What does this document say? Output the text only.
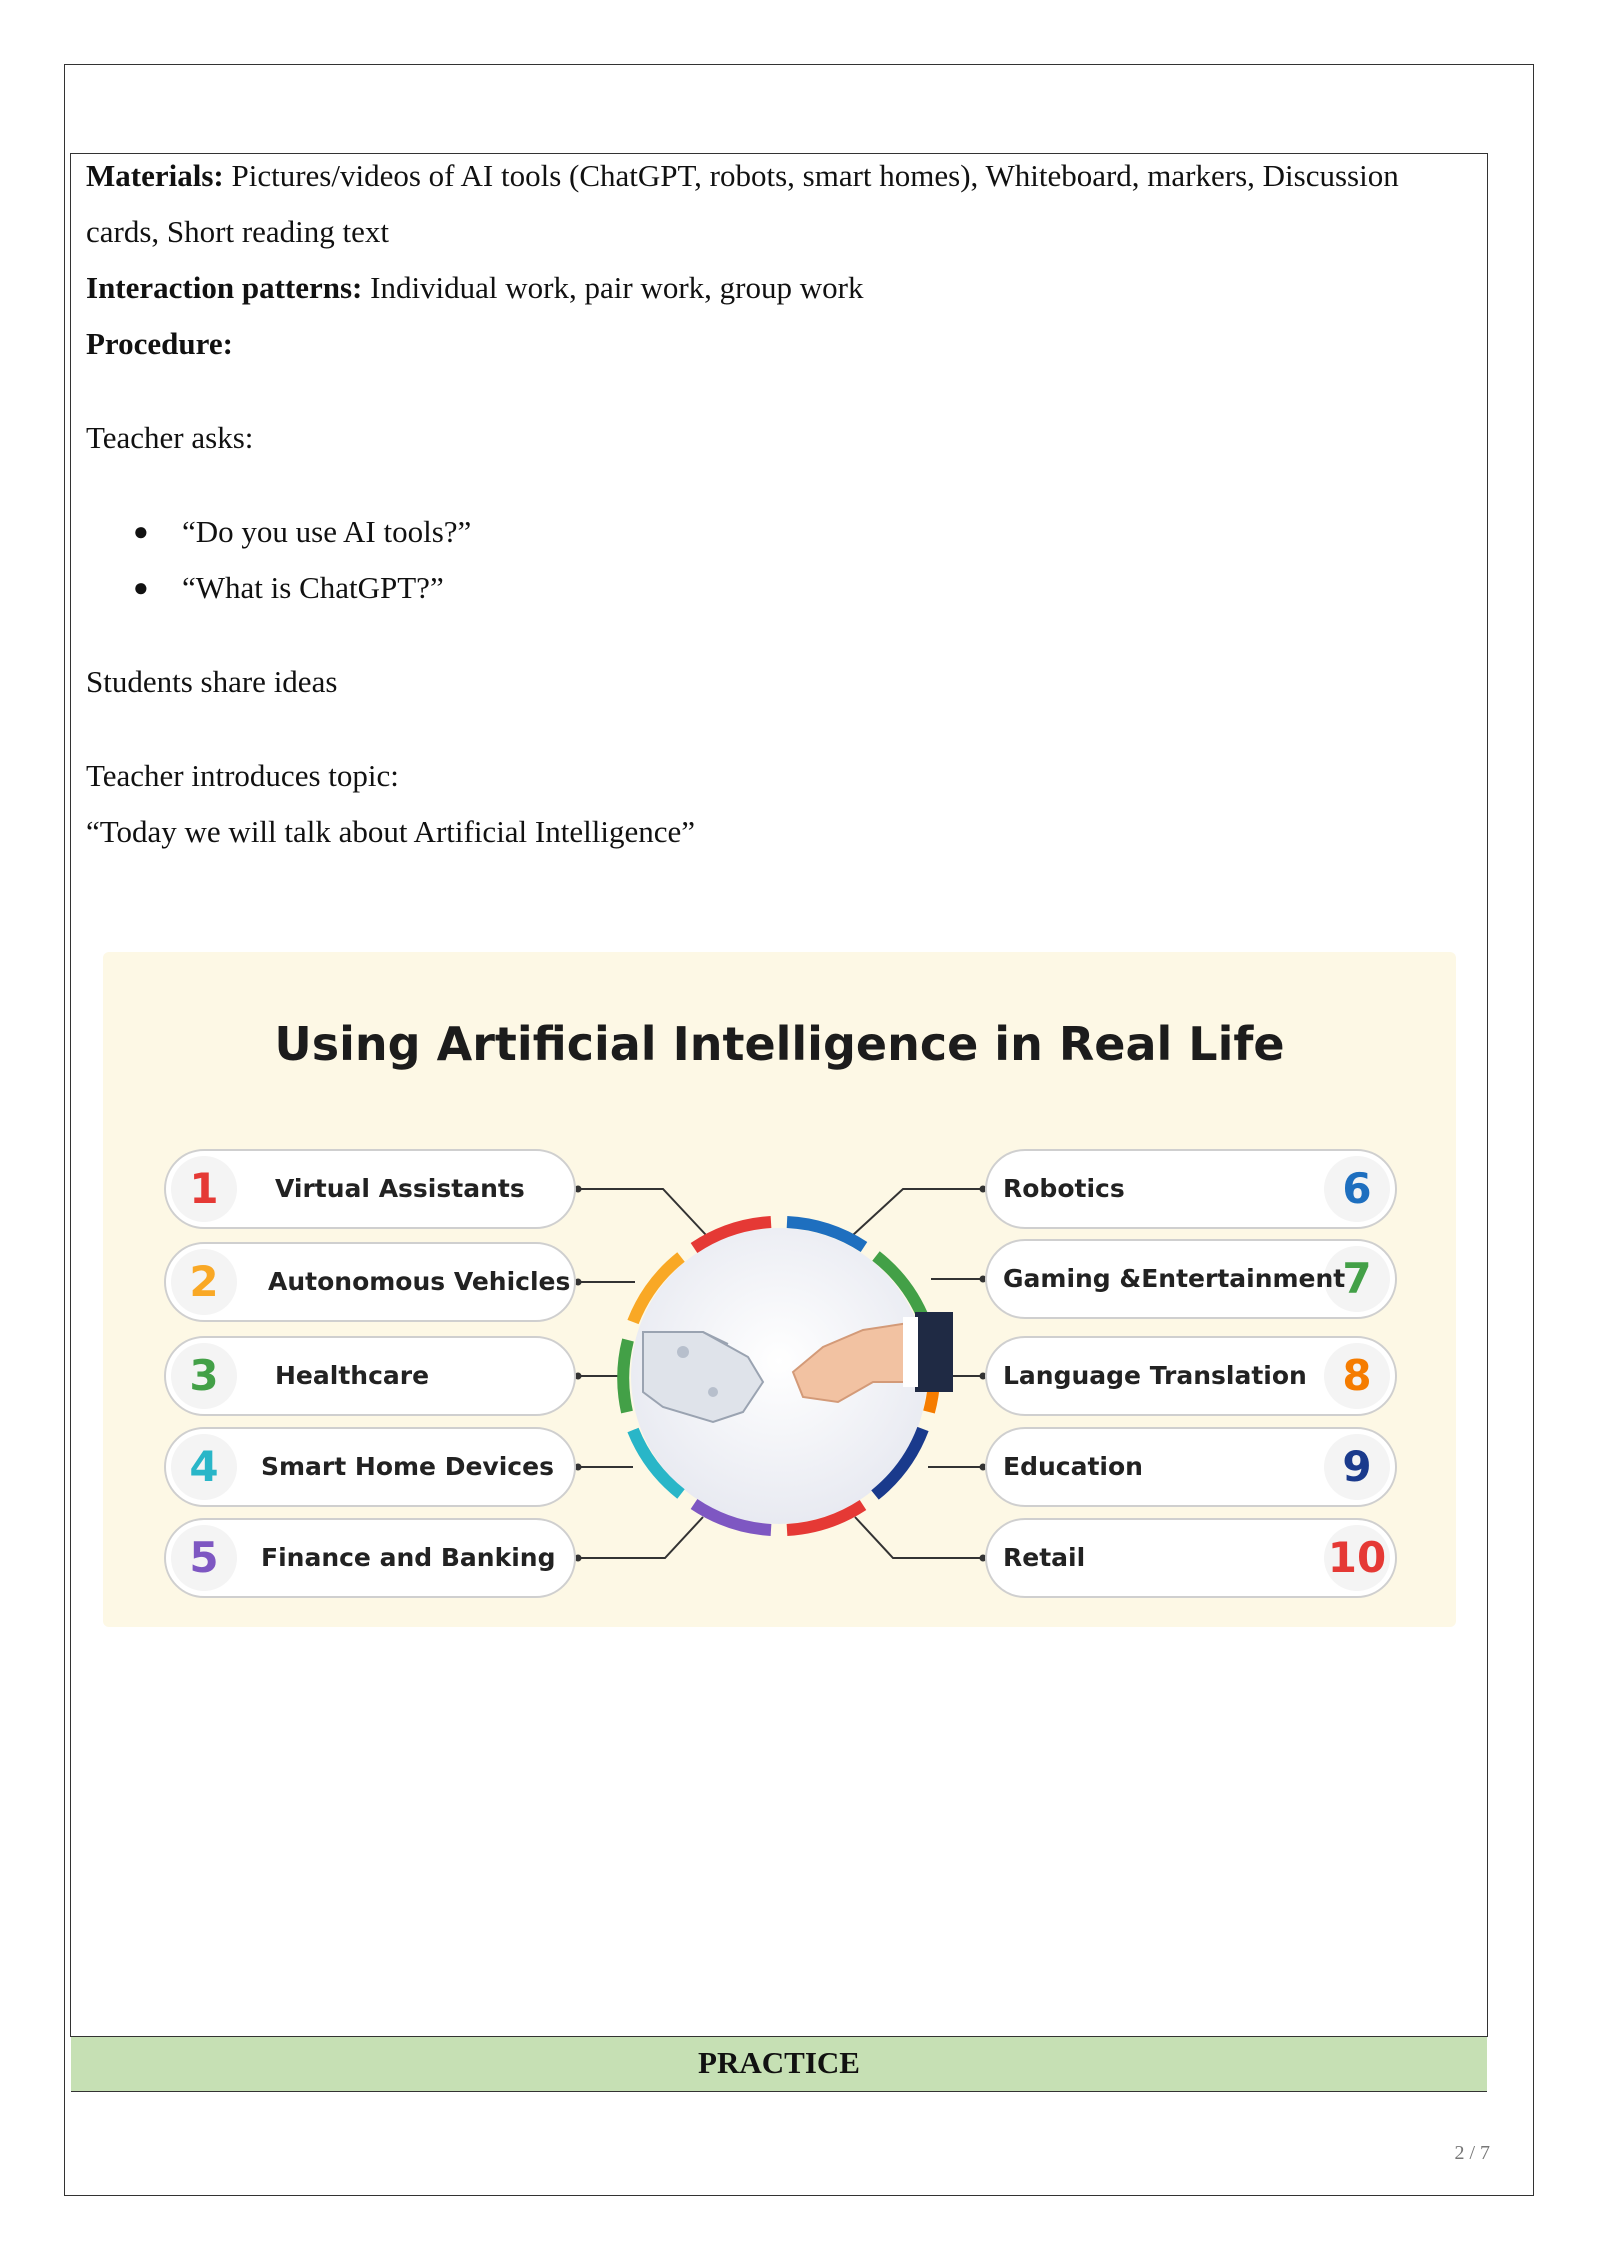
Materials: Pictures/videos of AI tools (ChatGPT, robots, smart homes), Whiteboard, markers, Discussion cards, Short reading text

Interaction patterns: Individual work, pair work, group work

Procedure:

Teacher asks:

● “Do you use AI tools?”
● “What is ChatGPT?”

Students share ideas

Teacher introduces topic:

“Today we will talk about Artificial Intelligence”

Using Artificial Intelligence in Real Life
1	Virtual Assistants
2	Autonomous Vehicles
3	Healthcare
4	Smart Home Devices
5	Finance and Banking
Robotics	6
Gaming &Entertainment
7
Language Translation 8
Education	9
Retail	10
PRACTICE
2 / 7
